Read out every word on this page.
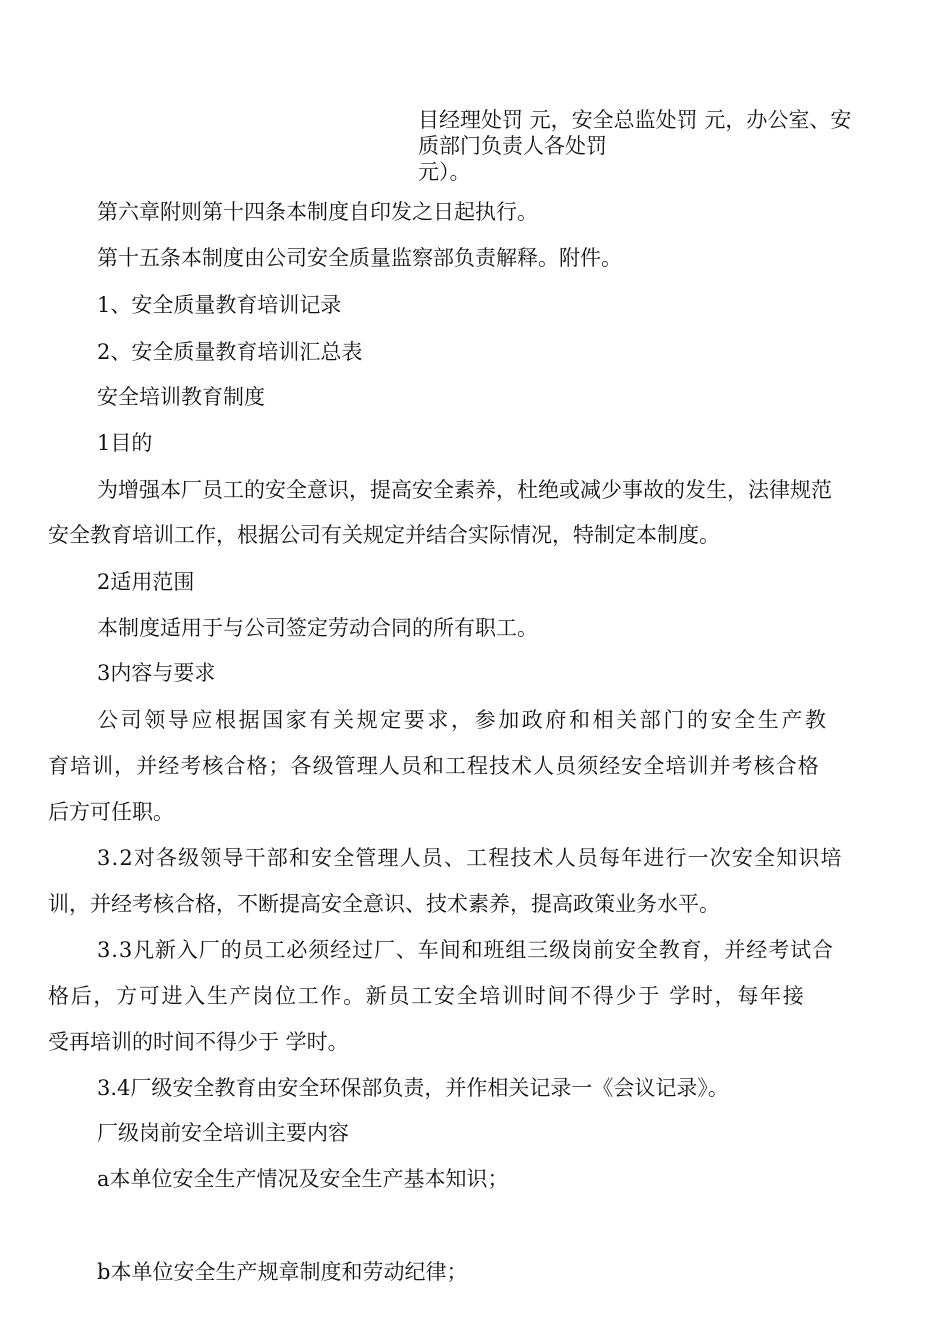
目经理处罚 元，安全总监处罚 元，办公室、安
质部门负责人各处罚
元）。
第六章附则第十四条本制度自印发之日起执行。
第十五条本制度由公司安全质量监察部负责解释。附件。
1、安全质量教育培训记录
2、安全质量教育培训汇总表
安全培训教育制度
1目的
为增强本厂员工的安全意识，提高安全素养，杜绝或减少事故的发生，法律规范
安全教育培训工作，根据公司有关规定并结合实际情况，特制定本制度。
2适用范围
本制度适用于与公司签定劳动合同的所有职工。
3内容与要求
公司领导应根据国家有关规定要求，参加政府和相关部门的安全生产教
育培训，并经考核合格；各级管理人员和工程技术人员须经安全培训并考核合格
后方可任职。
3.2对各级领导干部和安全管理人员、工程技术人员每年进行一次安全知识培
训，并经考核合格，不断提高安全意识、技术素养，提高政策业务水平。
3.3凡新入厂的员工必须经过厂、车间和班组三级岗前安全教育，并经考试合
格后，方可进入生产岗位工作。新员工安全培训时间不得少于 学时，每年接
受再培训的时间不得少于 学时。
3.4厂级安全教育由安全环保部负责，并作相关记录一《会议记录》。
厂级岗前安全培训主要内容
a本单位安全生产情况及安全生产基本知识；
b本单位安全生产规章制度和劳动纪律；
